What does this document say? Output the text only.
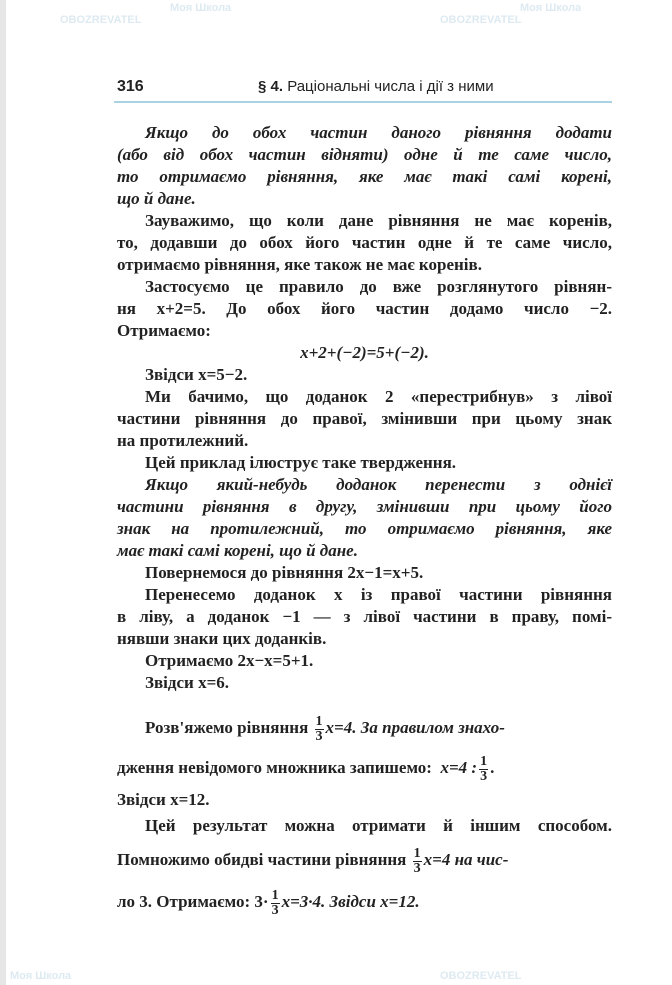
Моя Школа
OBOZREVATEL	OBOZREVATEL
Моя Школа
Моя Школа	OBOZREVATEL
316	§ 4. Раціональні числа і дії з ними
Якщо до обох частин даного рівняння додати
(або від обох частин відняти) одне й те саме число,
то отримаємо рівняння, яке має такі самі корені,
що й дане.
Зауважимо, що коли дане рівняння не має коренів,
то, додавши до обох його частин одне й те саме число,
отримаємо рівняння, яке також не має коренів.
Застосуємо це правило до вже розглянутого рівнян-
ня x+2=5. До обох його частин додамо число −2.
Отримаємо:
x+2+(−2)=5+(−2).
Звідси x=5−2.
Ми бачимо, що доданок 2 «перестрибнув» з лівої
частини рівняння до правої, змінивши при цьому знак
на протилежний.
Цей приклад ілюструє таке твердження.
Якщо який-небудь доданок перенести з однієї
частини рівняння в другу, змінивши при цьому його
знак на протилежний, то отримаємо рівняння, яке
має такі самі корені, що й дане.
Повернемося до рівняння 2x−1=x+5.
Перенесемо доданок x із правої частини рівняння
в ліву, а доданок −1 — з лівої частини в праву, помі-
нявши знаки цих доданків.
Отримаємо 2x−x=5+1.
Звідси x=6.
Розв'яжемо рівняння $\frac{1}{3} x=4$. За правилом знахо-
дження невідомого множника запишемо: x=4 : $\frac{1}{3}$ .
Звідси x=12.
Цей результат можна отримати й іншим способом.
Помножимо обидві частини рівняння $\frac{1}{3} x=4$ на чис-
ло 3. Отримаємо: $3\cdot \frac{1}{3} x=3\cdot 4$. Звідси x=12.
